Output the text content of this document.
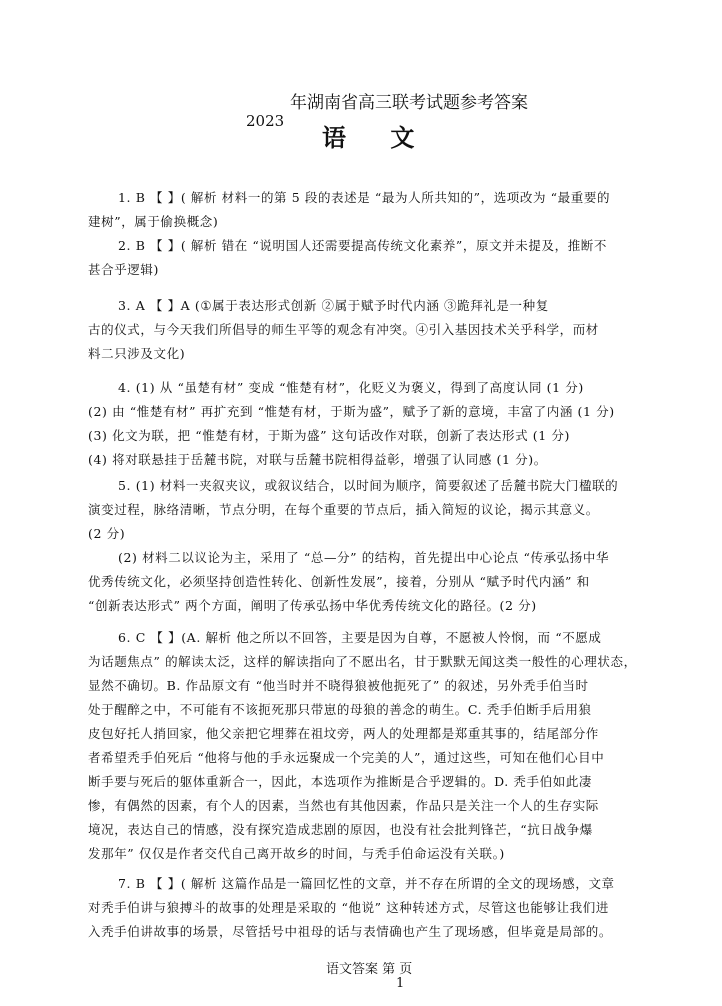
年湖南省高三联考试题参考答案
2023
语 文
1. B 【 】( 解析 材料一的第 5 段的表述是 “最为人所共知的”，选项改为 “最重要的
建树”，属于偷换概念)
2. B 【 】( 解析 错在 “说明国人还需要提高传统文化素养”，原文并未提及，推断不
甚合乎逻辑)
3. A 【 】A (①属于表达形式创新 ②属于赋予时代内涵 ③跪拜礼是一种复
古的仪式，与今天我们所倡导的师生平等的观念有冲突。④引入基因技术关乎科学，而材
料二只涉及文化)
4. (1) 从 “虽楚有材” 变成 “惟楚有材”，化贬义为褒义，得到了高度认同 (1 分)
(2) 由 “惟楚有材” 再扩充到 “惟楚有材，于斯为盛”，赋予了新的意境，丰富了内涵 (1 分)
(3) 化文为联，把 “惟楚有材，于斯为盛” 这句话改作对联，创新了表达形式 (1 分)
(4) 将对联悬挂于岳麓书院，对联与岳麓书院相得益彰，增强了认同感 (1 分)。
5. (1) 材料一夹叙夹议，或叙议结合，以时间为顺序，简要叙述了岳麓书院大门楹联的
演变过程，脉络清晰，节点分明，在每个重要的节点后，插入简短的议论，揭示其意义。
(2 分)
(2) 材料二以议论为主，采用了 “总—分” 的结构，首先提出中心论点 “传承弘扬中华
优秀传统文化，必须坚持创造性转化、创新性发展”，接着，分别从 “赋予时代内涵” 和
“创新表达形式” 两个方面，阐明了传承弘扬中华优秀传统文化的路径。(2 分)
6. C 【 】(A. 解析 他之所以不回答，主要是因为自尊，不愿被人怜悯，而 “不愿成
为话题焦点” 的解读太泛，这样的解读指向了不愿出名，甘于默默无闻这类一般性的心理状态，
显然不确切。B. 作品原文有 “他当时并不晓得狼被他扼死了” 的叙述，另外秃手伯当时
处于醒醉之中，不可能有不该扼死那只带崽的母狼的善念的萌生。C. 秃手伯断手后用狼
皮包好托人捎回家，他父亲把它埋葬在祖坟旁，两人的处理都是郑重其事的，结尾部分作
者希望秃手伯死后 “他将与他的手永远聚成一个完美的人”，通过这些，可知在他们心目中
断手要与死后的躯体重新合一，因此，本选项作为推断是合乎逻辑的。D. 秃手伯如此凄
惨，有偶然的因素，有个人的因素，当然也有其他因素，作品只是关注一个人的生存实际
境况，表达自己的情感，没有探究造成悲剧的原因，也没有社会批判锋芒，“抗日战争爆
发那年” 仅仅是作者交代自己离开故乡的时间，与秃手伯命运没有关联。)
7. B 【 】( 解析 这篇作品是一篇回忆性的文章，并不存在所谓的全文的现场感，文章
对秃手伯讲与狼搏斗的故事的处理是采取的 “他说” 这种转述方式，尽管这也能够让我们进
入秃手伯讲故事的场景，尽管括号中祖母的话与表情确也产生了现场感，但毕竟是局部的。
语文答案 第 页
1
